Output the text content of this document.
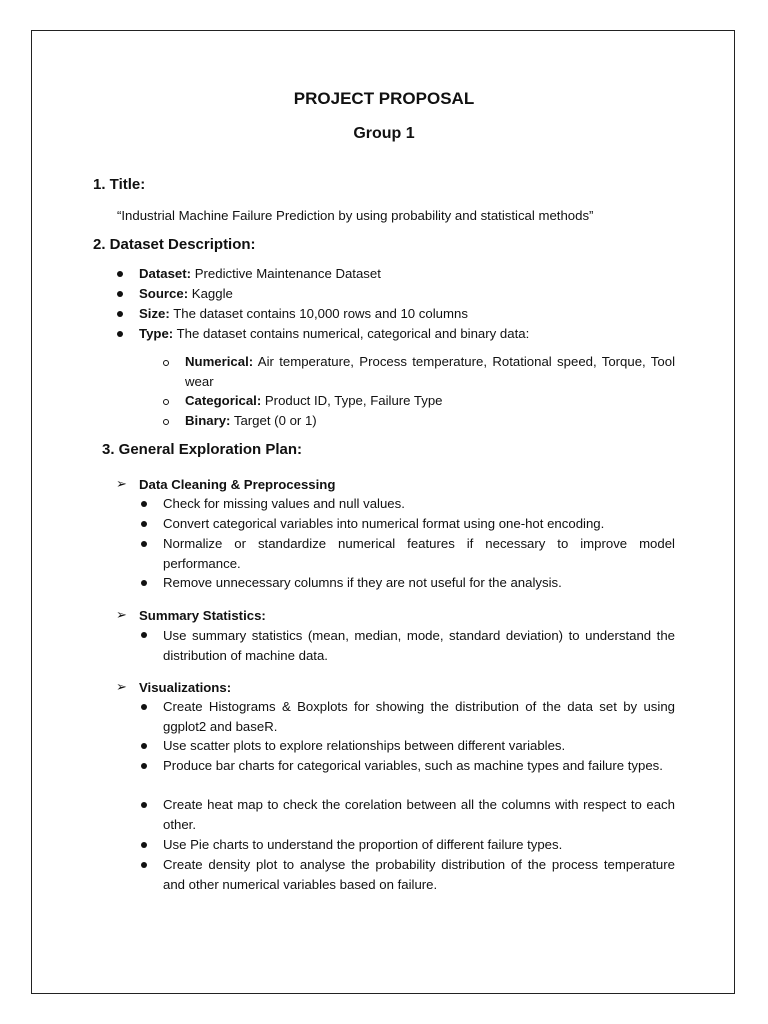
PROJECT PROPOSAL
Group 1
1. Title:
“Industrial Machine Failure Prediction by using probability and statistical methods”
2. Dataset Description:
Dataset: Predictive Maintenance Dataset
Source: Kaggle
Size: The dataset contains 10,000 rows and 10 columns
Type: The dataset contains numerical, categorical and binary data:
Numerical: Air temperature, Process temperature, Rotational speed, Torque, Tool wear
Categorical: Product ID, Type, Failure Type
Binary: Target (0 or 1)
3. General Exploration Plan:
➢ Data Cleaning & Preprocessing
Check for missing values and null values.
Convert categorical variables into numerical format using one-hot encoding.
Normalize or standardize numerical features if necessary to improve model performance.
Remove unnecessary columns if they are not useful for the analysis.
➢ Summary Statistics:
Use summary statistics (mean, median, mode, standard deviation) to understand the distribution of machine data.
➢ Visualizations:
Create Histograms & Boxplots for showing the distribution of the data set by using ggplot2 and baseR.
Use scatter plots to explore relationships between different variables.
Produce bar charts for categorical variables, such as machine types and failure types.
Create heat map to check the corelation between all the columns with respect to each other.
Use Pie charts to understand the proportion of different failure types.
Create density plot to analyse the probability distribution of the process temperature and other numerical variables based on failure.
